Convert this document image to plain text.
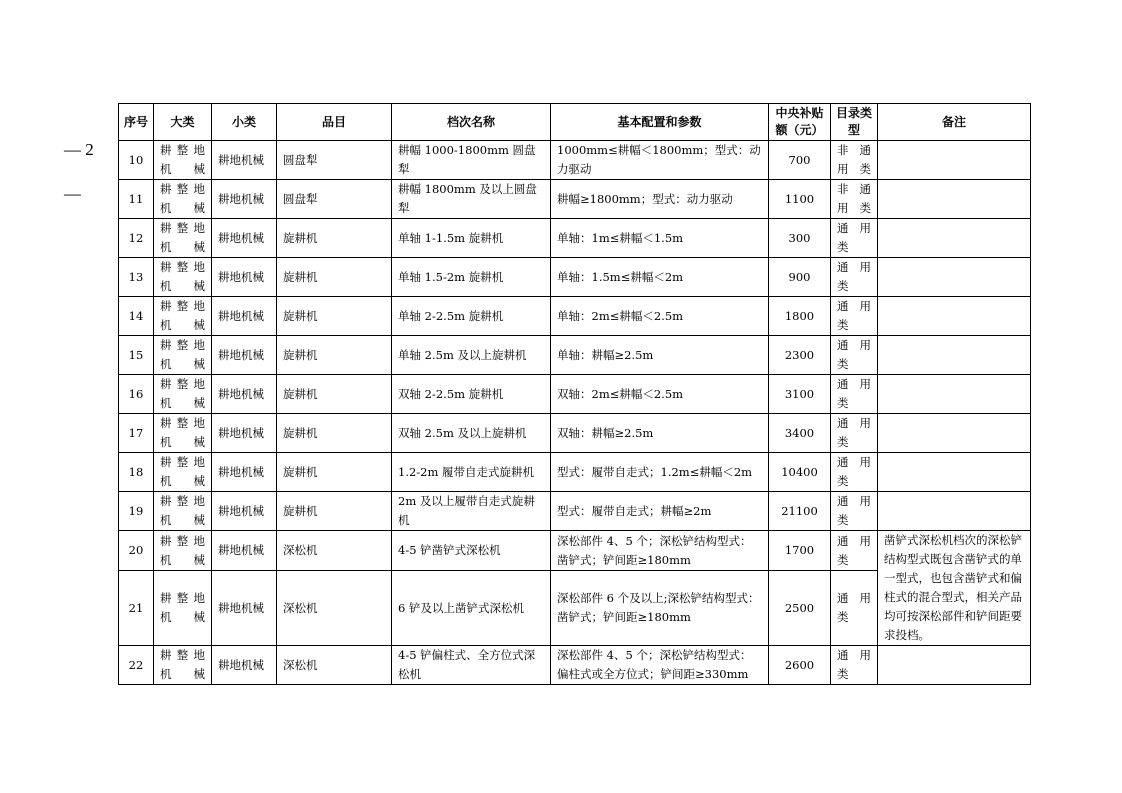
— 2
—
序号	大类	小类	品目	档次名称	基本配置和参数	中央补贴额（元）	目录类型	备注
10	耕整地机械	耕地机械	圆盘犁	耕幅 1000-1800mm 圆盘犁	1000mm≤耕幅＜1800mm；型式：动力驱动	700	非通用类	
11	耕整地机械	耕地机械	圆盘犁	耕幅 1800mm 及以上圆盘犁	耕幅≥1800mm；型式：动力驱动	1100	非通用类	
12	耕整地机械	耕地机械	旋耕机	单轴 1-1.5m 旋耕机	单轴：1m≤耕幅＜1.5m	300	通用类	
13	耕整地机械	耕地机械	旋耕机	单轴 1.5-2m 旋耕机	单轴：1.5m≤耕幅＜2m	900	通用类	
14	耕整地机械	耕地机械	旋耕机	单轴 2-2.5m 旋耕机	单轴：2m≤耕幅＜2.5m	1800	通用类	
15	耕整地机械	耕地机械	旋耕机	单轴 2.5m 及以上旋耕机	单轴：耕幅≥2.5m	2300	通用类	
16	耕整地机械	耕地机械	旋耕机	双轴 2-2.5m 旋耕机	双轴：2m≤耕幅＜2.5m	3100	通用类	
17	耕整地机械	耕地机械	旋耕机	双轴 2.5m 及以上旋耕机	双轴：耕幅≥2.5m	3400	通用类	
18	耕整地机械	耕地机械	旋耕机	1.2-2m 履带自走式旋耕机	型式：履带自走式；1.2m≤耕幅＜2m	10400	通用类	
19	耕整地机械	耕地机械	旋耕机	2m 及以上履带自走式旋耕机	型式：履带自走式；耕幅≥2m	21100	通用类	
20	耕整地机械	耕地机械	深松机	4-5 铲凿铲式深松机	深松部件 4、5 个；深松铲结构型式：凿铲式；铲间距≥180mm	1700	通用类	凿铲式深松机档次的深松铲结构型式既包含凿铲式的单一型式，也包含凿铲式和偏柱式的混合型式，相关产品均可按深松部件和铲间距要求投档。
21	耕整地机械	耕地机械	深松机	6 铲及以上凿铲式深松机	深松部件 6 个及以上;深松铲结构型式：凿铲式；铲间距≥180mm	2500	通用类	
22	耕整地机械	耕地机械	深松机	4-5 铲偏柱式、全方位式深松机	深松部件 4、5 个；深松铲结构型式：偏柱式或全方位式；铲间距≥330mm	2600	通用类	
